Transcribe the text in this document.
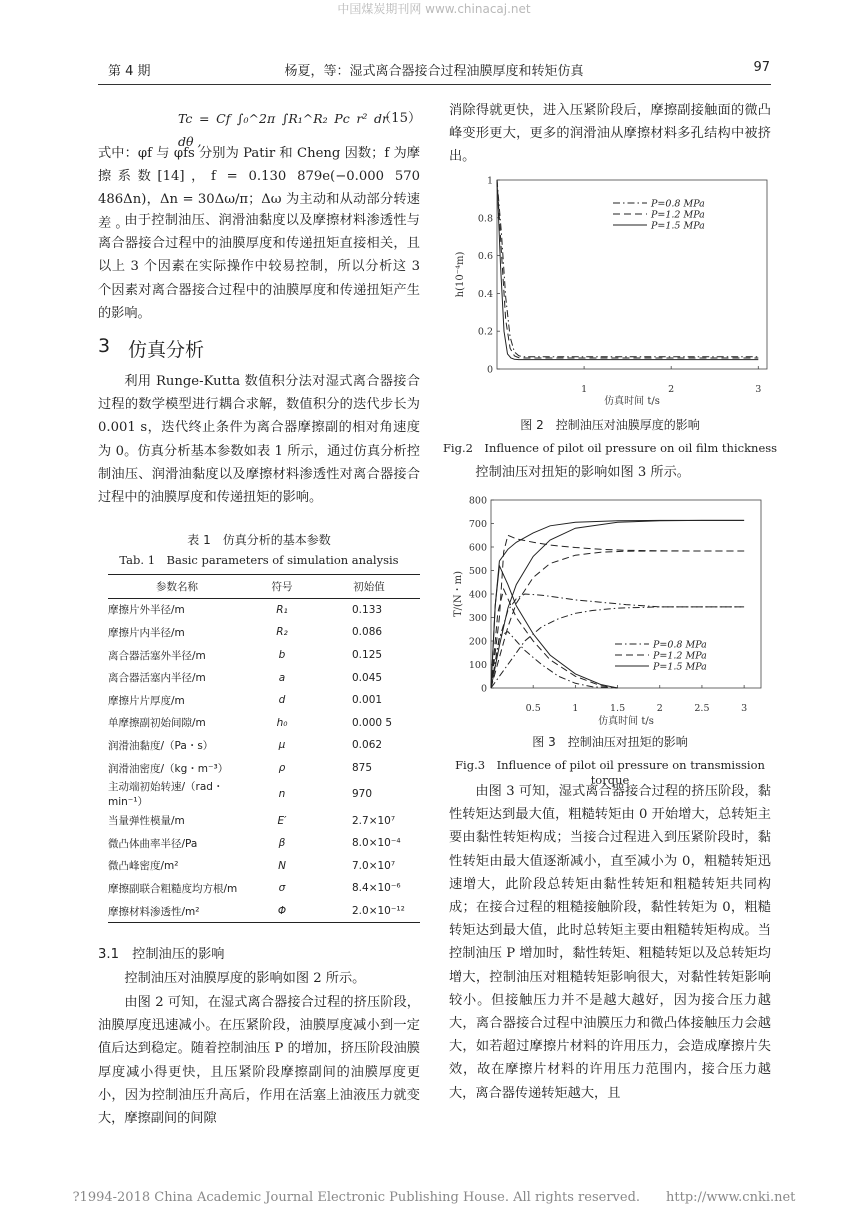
中国煤炭期刊网 www.chinacaj.net
第 4 期	杨夏，等：湿式离合器接合过程油膜厚度和转矩仿真	97
Tc = Cf ∫₀^2π ∫R₁^R₂ Pc r² dr dθ ,
（15）
式中：φf 与 φfs 分别为 Patir 和 Cheng 因数；f 为摩擦系数[14]，f = 0.130 879e(−0.000 570 486Δn)，Δn = 30Δω/π；Δω 为主动和从动部分转速差 。
由于控制油压、润滑油黏度以及摩擦材料渗透性与离合器接合过程中的油膜厚度和传递扭矩直接相关，且以上 3 个因素在实际操作中较易控制，所以分析这 3 个因素对离合器接合过程中的油膜厚度和传递扭矩产生的影响。
3 仿真分析
利用 Runge-Kutta 数值积分法对湿式离合器接合过程的数学模型进行耦合求解，数值积分的迭代步长为 0.001 s，迭代终止条件为离合器摩擦副的相对角速度为 0。仿真分析基本参数如表 1 所示，通过仿真分析控制油压、润滑油黏度以及摩擦材料渗透性对离合器接合过程中的油膜厚度和传递扭矩的影响。
表 1　仿真分析的基本参数
Tab. 1　Basic parameters of simulation analysis
参数名称	符号	初始值
摩擦片外半径/m	R₁	0.133
摩擦片内半径/m	R₂	0.086
离合器活塞外半径/m	b	0.125
离合器活塞内半径/m	a	0.045
摩擦片片厚度/m	d	0.001
单摩擦副初始间隙/m	h₀	0.000 5
润滑油黏度/（Pa・s）	μ	0.062
润滑油密度/（kg・m⁻³）	ρ	875
主动端初始转速/（rad・min⁻¹）	n	970
当量弹性模量/m	E′	2.7×10⁷
微凸体曲率半径/Pa	β	8.0×10⁻⁴
微凸峰密度/m²	N	7.0×10⁷
摩擦副联合粗糙度均方根/m	σ	8.4×10⁻⁶
摩擦材料渗透性/m²	Φ	2.0×10⁻¹²
3.1　控制油压的影响
控制油压对油膜厚度的影响如图 2 所示。
由图 2 可知，在湿式离合器接合过程的挤压阶段，油膜厚度迅速减小。在压紧阶段，油膜厚度减小到一定值后达到稳定。随着控制油压 P 的增加，挤压阶段油膜厚度减小得更快，且压紧阶段摩擦副间的油膜厚度更小，因为控制油压升高后，作用在活塞上油液压力就变大，摩擦副间的间隙
消除得就更快，进入压紧阶段后，摩擦副接触面的微凸峰变形更大，更多的润滑油从摩擦材料多孔结构中被挤出。
0
0.2
0.4
0.6
0.8
1
1	2	3
仿真时间 t/s
h(10⁻⁴m)
P=0.8 MPa
P=1.2 MPa
P=1.5 MPa
图 2　控制油压对油膜厚度的影响
Fig.2　Influence of pilot oil pressure on oil film thickness
控制油压对扭矩的影响如图 3 所示。
0
100
200
300
400
500
600
700
800
0.5	1	1.5	2	2.5	3
仿真时间 t/s
T/(N・m)
P=0.8 MPa
P=1.2 MPa
P=1.5 MPa
图 3　控制油压对扭矩的影响
Fig.3　Influence of pilot oil pressure on transmission torque
由图 3 可知，湿式离合器接合过程的挤压阶段，黏性转矩达到最大值，粗糙转矩由 0 开始增大，总转矩主要由黏性转矩构成；当接合过程进入到压紧阶段时，黏性转矩由最大值逐渐减小，直至减小为 0，粗糙转矩迅速增大，此阶段总转矩由黏性转矩和粗糙转矩共同构成；在接合过程的粗糙接触阶段，黏性转矩为 0，粗糙转矩达到最大值，此时总转矩主要由粗糙转矩构成。当控制油压 P 增加时，黏性转矩、粗糙转矩以及总转矩均增大，控制油压对粗糙转矩影响很大，对黏性转矩影响较小。但接触压力并不是越大越好，因为接合压力越大，离合器接合过程中油膜压力和微凸体接触压力会越大，如若超过摩擦片材料的许用压力，会造成摩擦片失效，故在摩擦片材料的许用压力范围内，接合压力越大，离合器传递转矩越大，且
?1994-2018 China Academic Journal Electronic Publishing House. All rights reserved.　　http://www.cnki.net
